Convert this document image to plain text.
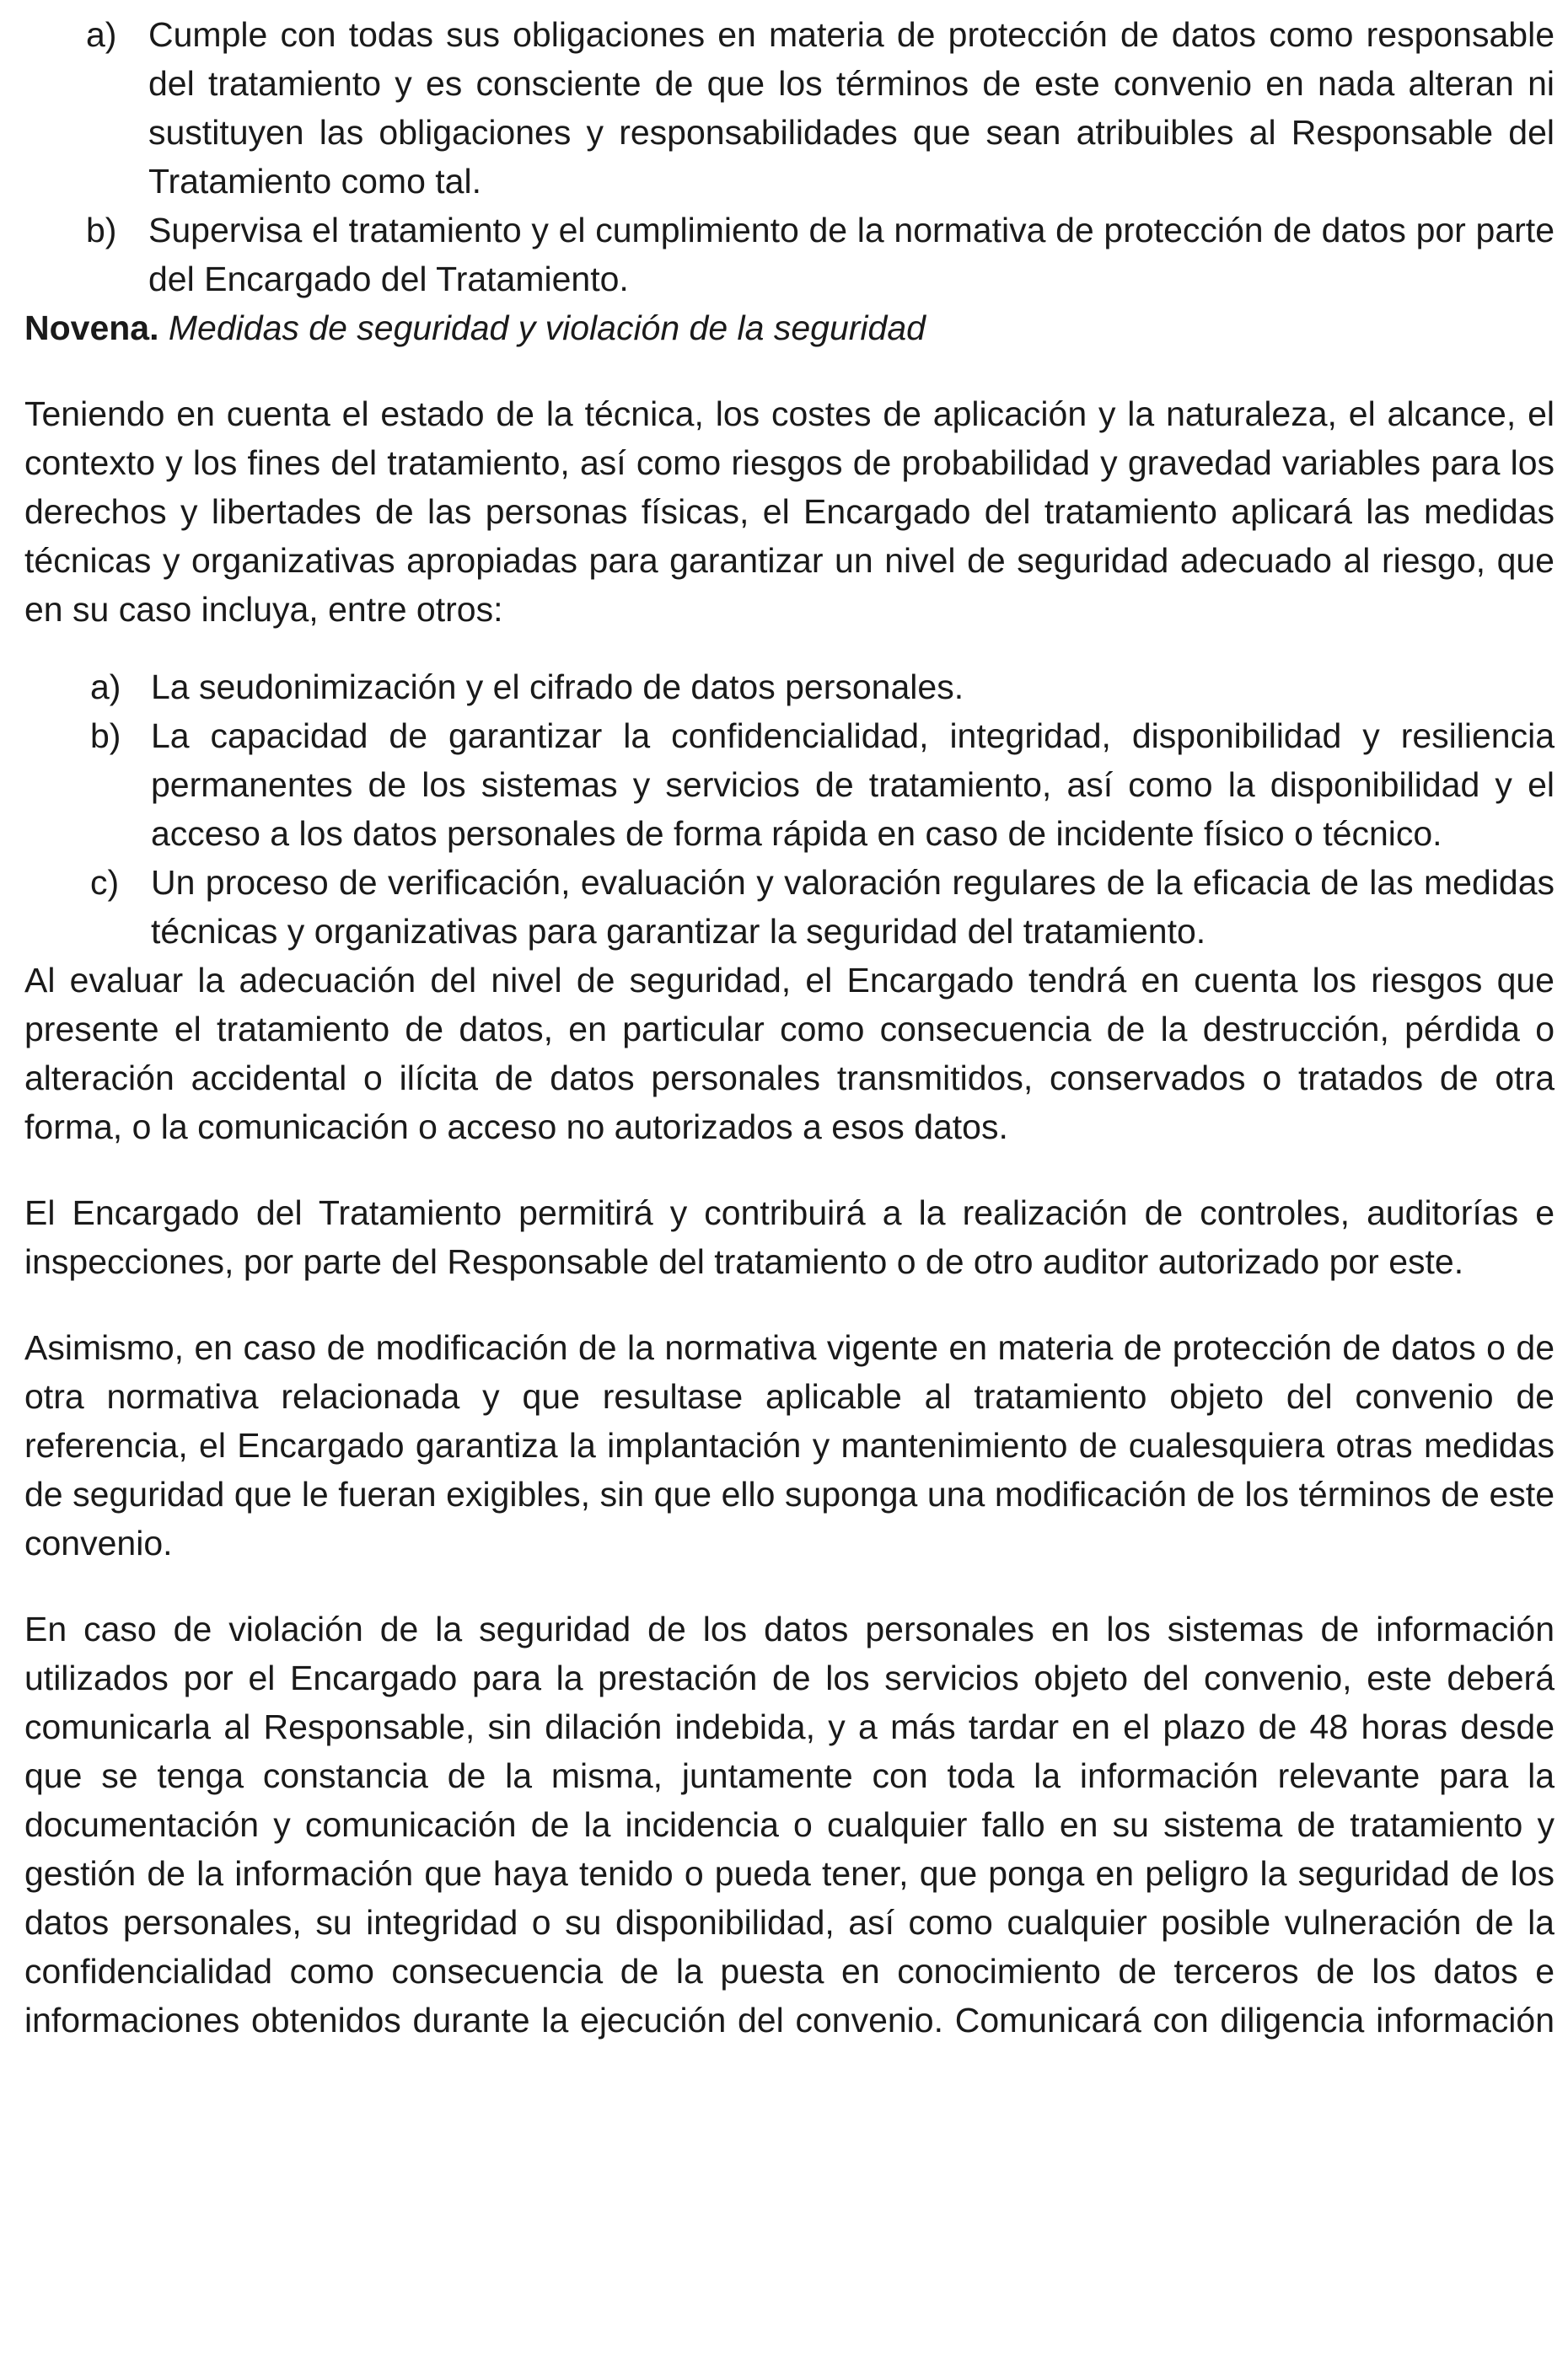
a) Cumple con todas sus obligaciones en materia de protección de datos como responsable del tratamiento y es consciente de que los términos de este convenio en nada alteran ni sustituyen las obligaciones y responsabilidades que sean atribuibles al Responsable del Tratamiento como tal.
b) Supervisa el tratamiento y el cumplimiento de la normativa de protección de datos por parte del Encargado del Tratamiento.
Novena. Medidas de seguridad y violación de la seguridad

Teniendo en cuenta el estado de la técnica, los costes de aplicación y la naturaleza, el alcance, el contexto y los fines del tratamiento, así como riesgos de probabilidad y gravedad variables para los derechos y libertades de las personas físicas, el Encargado del tratamiento aplicará las medidas técnicas y organizativas apropiadas para garantizar un nivel de seguridad adecuado al riesgo, que en su caso incluya, entre otros:

a) La seudonimización y el cifrado de datos personales.
b) La capacidad de garantizar la confidencialidad, integridad, disponibilidad y resiliencia permanentes de los sistemas y servicios de tratamiento, así como la disponibilidad y el acceso a los datos personales de forma rápida en caso de incidente físico o técnico.
c) Un proceso de verificación, evaluación y valoración regulares de la eficacia de las medidas técnicas y organizativas para garantizar la seguridad del tratamiento.

Al evaluar la adecuación del nivel de seguridad, el Encargado tendrá en cuenta los riesgos que presente el tratamiento de datos, en particular como consecuencia de la destrucción, pérdida o alteración accidental o ilícita de datos personales transmitidos, conservados o tratados de otra forma, o la comunicación o acceso no autorizados a esos datos.

El Encargado del Tratamiento permitirá y contribuirá a la realización de controles, auditorías e inspecciones, por parte del Responsable del tratamiento o de otro auditor autorizado por este.

Asimismo, en caso de modificación de la normativa vigente en materia de protección de datos o de otra normativa relacionada y que resultase aplicable al tratamiento objeto del convenio de referencia, el Encargado garantiza la implantación y mantenimiento de cualesquiera otras medidas de seguridad que le fueran exigibles, sin que ello suponga una modificación de los términos de este convenio.

En caso de violación de la seguridad de los datos personales en los sistemas de información utilizados por el Encargado para la prestación de los servicios objeto del convenio, este deberá comunicarla al Responsable, sin dilación indebida, y a más tardar en el plazo de 48 horas desde que se tenga constancia de la misma, juntamente con toda la información relevante para la documentación y comunicación de la incidencia o cualquier fallo en su sistema de tratamiento y gestión de la información que haya tenido o pueda tener, que ponga en peligro la seguridad de los datos personales, su integridad o su disponibilidad, así como cualquier posible vulneración de la confidencialidad como consecuencia de la puesta en conocimiento de terceros de los datos e informaciones obtenidos durante la ejecución del convenio. Comunicará con diligencia información
